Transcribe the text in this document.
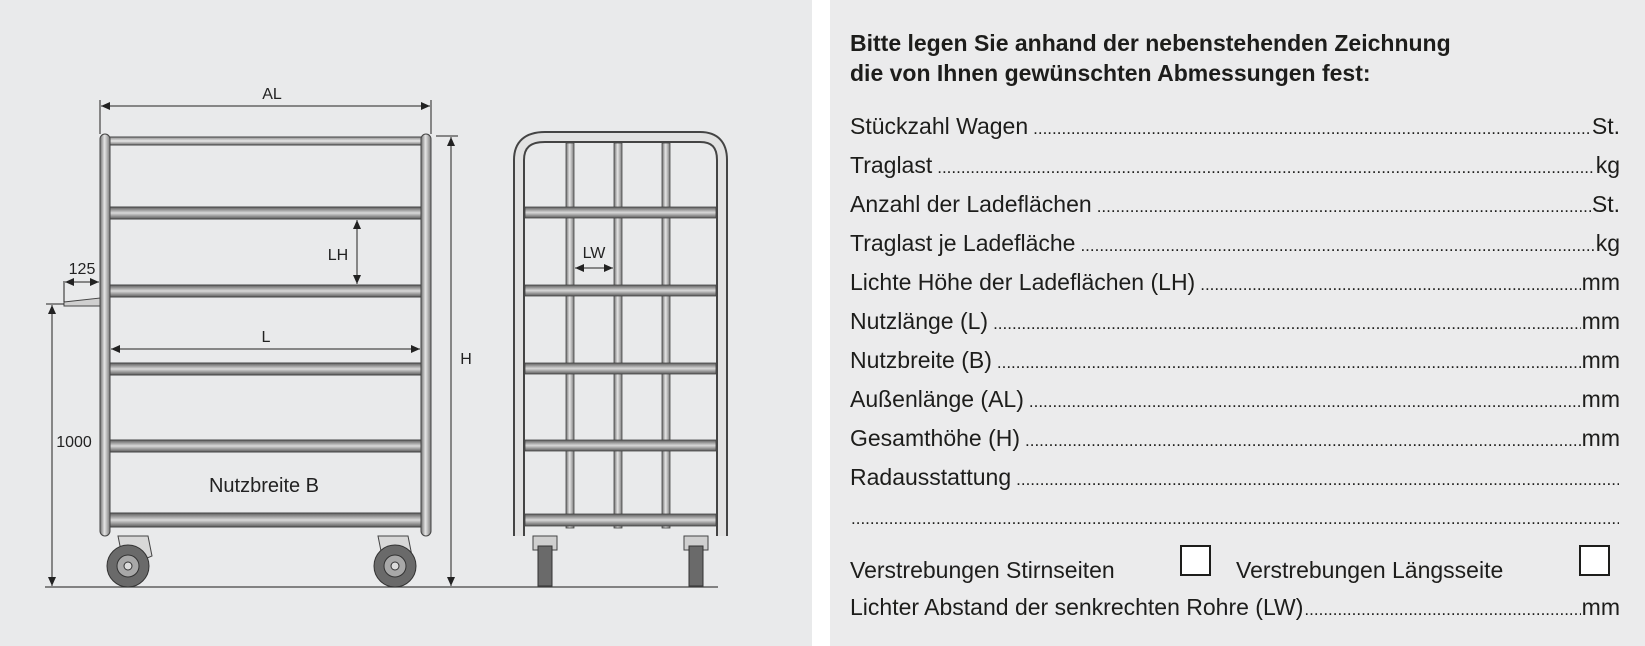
AL
H
LH
L
125
1000
Nutzbreite B
LW
Bitte legen Sie anhand der nebenstehenden Zeichnung
die von Ihnen gewünschten Abmessungen fest:
Stückzahl Wagen .....	St.
Traglast .....	kg
Anzahl der Ladeflächen .....	St.
Traglast je Ladefläche .....	kg
Lichte Höhe der Ladeflächen (LH) .....	mm
Nutzlänge (L) .....	mm
Nutzbreite (B) .....	mm
Außenlänge (AL) .....	mm
Gesamthöhe (H) .....	mm
Radausstattung
.....
.....
Verstrebungen Stirnseiten	Verstrebungen Längsseite
Lichter Abstand der senkrechten Rohre (LW) .....	mm
